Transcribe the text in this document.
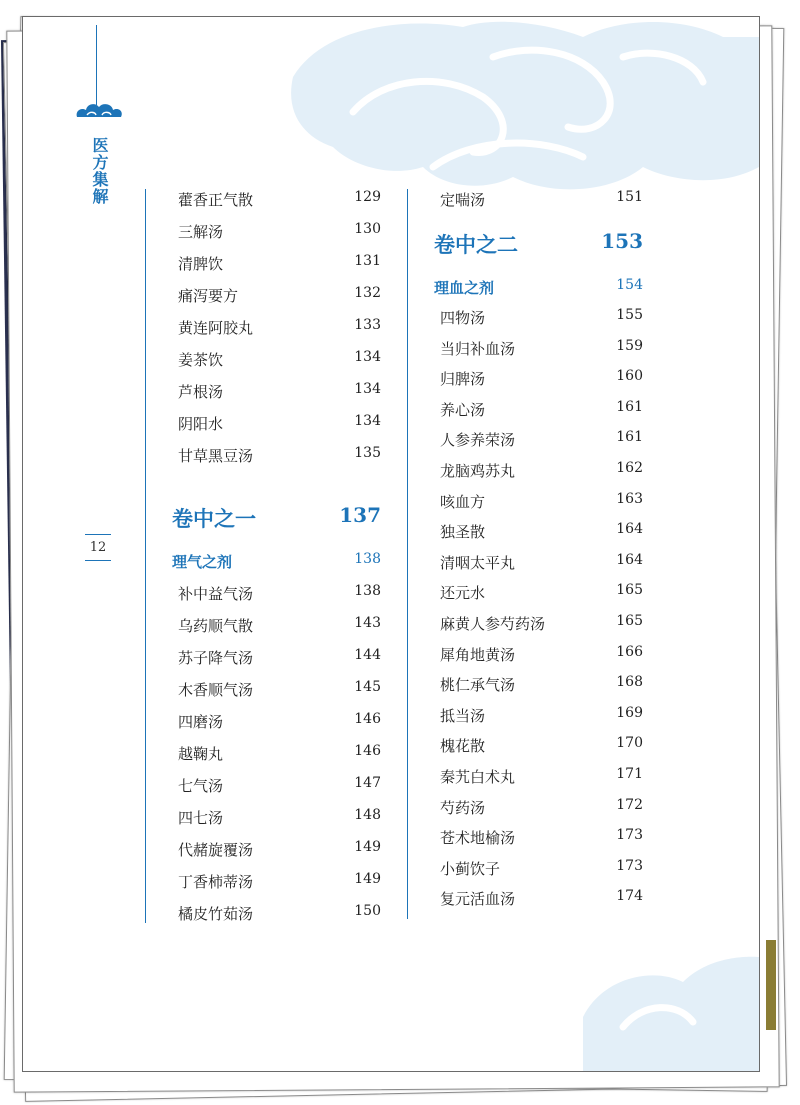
医方集解
12
藿香正气散	129
三解汤	130
清脾饮	131
痛泻要方	132
黄连阿胶丸	133
姜茶饮	134
芦根汤	134
阴阳水	134
甘草黑豆汤	135
卷中之一	137
理气之剂	138
补中益气汤	138
乌药顺气散	143
苏子降气汤	144
木香顺气汤	145
四磨汤	146
越鞠丸	146
七气汤	147
四七汤	148
代赭旋覆汤	149
丁香柿蒂汤	149
橘皮竹茹汤	150
定喘汤	151
卷中之二	153
理血之剂	154
四物汤	155
当归补血汤	159
归脾汤	160
养心汤	161
人参养荣汤	161
龙脑鸡苏丸	162
咳血方	163
独圣散	164
清咽太平丸	164
还元水	165
麻黄人参芍药汤	165
犀角地黄汤	166
桃仁承气汤	168
抵当汤	169
槐花散	170
秦艽白术丸	171
芍药汤	172
苍术地榆汤	173
小蓟饮子	173
复元活血汤	174
